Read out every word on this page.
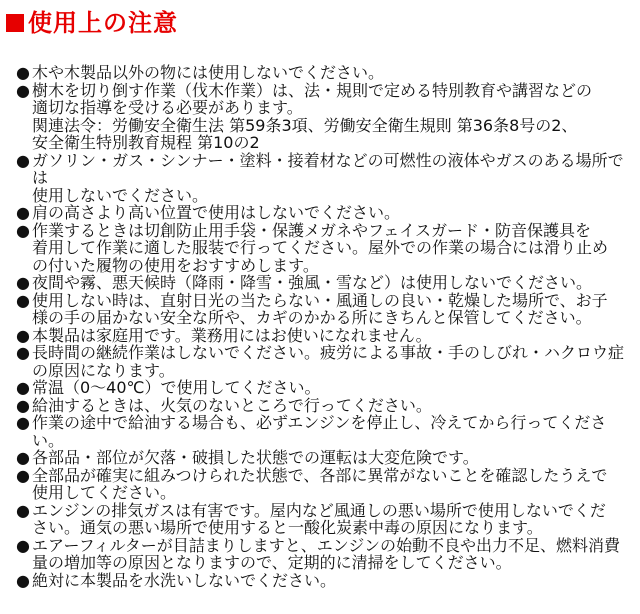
使用上の注意
● 木や木製品以外の物には使用しないでください。
● 樹木を切り倒す作業（伐木作業）は、法・規則で定める特別教育や講習などの
適切な指導を受ける必要があります。
関連法令：労働安全衛生法 第59条3項、労働安全衛生規則 第36条8号の2、
安全衛生特別教育規程 第10の2
● ガソリン・ガス・シンナー・塗料・接着材などの可燃性の液体やガスのある場所では
使用しないでください。
● 肩の高さより高い位置で使用はしないでください。
● 作業するときは切創防止用手袋・保護メガネやフェイスガード・防音保護具を
着用して作業に適した服装で行ってください。屋外での作業の場合には滑り止め
の付いた履物の使用をおすすめします。
● 夜間や霧、悪天候時（降雨・降雪・強風・雪など）は使用しないでください。
● 使用しない時は、直射日光の当たらない・風通しの良い・乾燥した場所で、お子
様の手の届かない安全な所や、カギのかかる所にきちんと保管してください。
● 本製品は家庭用です。業務用にはお使いになれません。
● 長時間の継続作業はしないでください。疲労による事故・手のしびれ・ハクロウ症
の原因になります。
● 常温（0～40℃）で使用してください。
● 給油するときは、火気のないところで行ってください。
● 作業の途中で給油する場合も、必ずエンジンを停止し、冷えてから行ってください。
● 各部品・部位が欠落・破損した状態での運転は大変危険です。
● 全部品が確実に組みつけられた状態で、各部に異常がないことを確認したうえで
使用してください。
● エンジンの排気ガスは有害です。屋内など風通しの悪い場所で使用しないでくだ
さい。通気の悪い場所で使用すると一酸化炭素中毒の原因になります。
● エアーフィルターが目詰まりしますと、エンジンの始動不良や出力不足、燃料消費
量の増加等の原因となりますので、定期的に清掃をしてください。
● 絶対に本製品を水洗いしないでください。
